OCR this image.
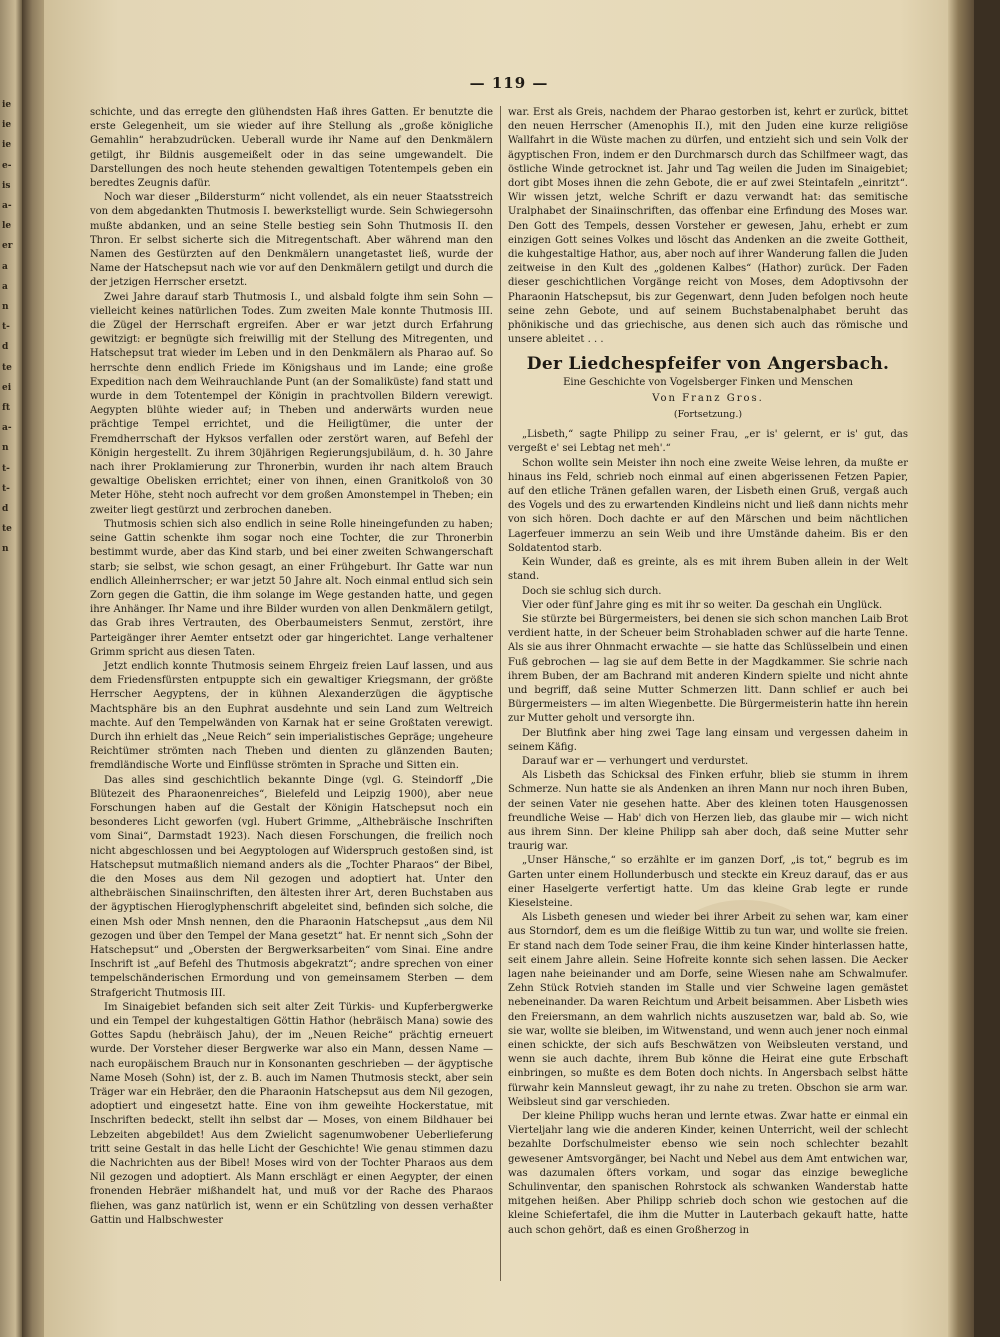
ie
ie
ie
e-
is
a-
le
er
a
a
n
t-
d
te
ei
ft
a-
n
t-
t-
d
te
n
— 119 —

schichte, und das erregte den glühendsten Haß ihres Gatten. Er benutzte die erste Gelegenheit, um sie wieder auf ihre Stellung als „große königliche Gemahlin“ herabzudrücken. Ueberall wurde ihr Name auf den Denkmälern getilgt, ihr Bildnis ausgemeißelt oder in das seine umgewandelt. Die Darstellungen des noch heute stehenden gewaltigen Totentempels geben ein beredtes Zeugnis dafür.

Noch war dieser „Bildersturm“ nicht vollendet, als ein neuer Staatsstreich von dem abgedankten Thutmosis I. bewerkstelligt wurde. Sein Schwiegersohn mußte abdanken, und an seine Stelle bestieg sein Sohn Thutmosis II. den Thron. Er selbst sicherte sich die Mitregentschaft. Aber während man den Namen des Gestürzten auf den Denkmälern unangetastet ließ, wurde der Name der Hatschepsut nach wie vor auf den Denkmälern getilgt und durch die der jetzigen Herrscher ersetzt.

Zwei Jahre darauf starb Thutmosis I., und alsbald folgte ihm sein Sohn — vielleicht keines natürlichen Todes. Zum zweiten Male konnte Thutmosis III. die Zügel der Herrschaft ergreifen. Aber er war jetzt durch Erfahrung gewitzigt: er begnügte sich freiwillig mit der Stellung des Mitregenten, und Hatschepsut trat wieder im Leben und in den Denkmälern als Pharao auf. So herrschte denn endlich Friede im Königshaus und im Lande; eine große Expedition nach dem Weihrauchlande Punt (an der Somaliküste) fand statt und wurde in dem Totentempel der Königin in prachtvollen Bildern verewigt. Aegypten blühte wieder auf; in Theben und anderwärts wurden neue prächtige Tempel errichtet, und die Heiligtümer, die unter der Fremdherrschaft der Hyksos verfallen oder zerstört waren, auf Befehl der Königin hergestellt. Zu ihrem 30jährigen Regierungsjubiläum, d. h. 30 Jahre nach ihrer Proklamierung zur Thronerbin, wurden ihr nach altem Brauch gewaltige Obelisken errichtet; einer von ihnen, einen Granitkoloß von 30 Meter Höhe, steht noch aufrecht vor dem großen Amonstempel in Theben; ein zweiter liegt gestürzt und zerbrochen daneben.

Thutmosis schien sich also endlich in seine Rolle hineingefunden zu haben; seine Gattin schenkte ihm sogar noch eine Tochter, die zur Thronerbin bestimmt wurde, aber das Kind starb, und bei einer zweiten Schwangerschaft starb; sie selbst, wie schon gesagt, an einer Frühgeburt. Ihr Gatte war nun endlich Alleinherrscher; er war jetzt 50 Jahre alt. Noch einmal entlud sich sein Zorn gegen die Gattin, die ihm solange im Wege gestanden hatte, und gegen ihre Anhänger. Ihr Name und ihre Bilder wurden von allen Denkmälern getilgt, das Grab ihres Vertrauten, des Oberbaumeisters Senmut, zerstört, ihre Parteigänger ihrer Aemter entsetzt oder gar hingerichtet. Lange verhaltener Grimm spricht aus diesen Taten.

Jetzt endlich konnte Thutmosis seinem Ehrgeiz freien Lauf lassen, und aus dem Friedensfürsten entpuppte sich ein gewaltiger Kriegsmann, der größte Herrscher Aegyptens, der in kühnen Alexanderzügen die ägyptische Machtsphäre bis an den Euphrat ausdehnte und sein Land zum Weltreich machte. Auf den Tempelwänden von Karnak hat er seine Großtaten verewigt. Durch ihn erhielt das „Neue Reich“ sein imperialistisches Gepräge; ungeheure Reichtümer strömten nach Theben und dienten zu glänzenden Bauten; fremdländische Worte und Einflüsse strömten in Sprache und Sitten ein.

Das alles sind geschichtlich bekannte Dinge (vgl. G. Steindorff „Die Blütezeit des Pharaonenreiches“, Bielefeld und Leipzig 1900), aber neue Forschungen haben auf die Gestalt der Königin Hatschepsut noch ein besonderes Licht geworfen (vgl. Hubert Grimme, „Althebräische Inschriften vom Sinai“, Darmstadt 1923). Nach diesen Forschungen, die freilich noch nicht abgeschlossen und bei Aegyptologen auf Widerspruch gestoßen sind, ist Hatschepsut mutmaßlich niemand anders als die „Tochter Pharaos“ der Bibel, die den Moses aus dem Nil gezogen und adoptiert hat. Unter den althebräischen Sinaiinschriften, den ältesten ihrer Art, deren Buchstaben aus der ägyptischen Hieroglyphenschrift abgeleitet sind, befinden sich solche, die einen Msh oder Mnsh nennen, den die Pharaonin Hatschepsut „aus dem Nil gezogen und über den Tempel der Mana gesetzt“ hat. Er nennt sich „Sohn der Hatschepsut“ und „Obersten der Bergwerksarbeiten“ vom Sinai. Eine andre Inschrift ist „auf Befehl des Thutmosis abgekratzt“; andre sprechen von einer tempelschänderischen Ermordung und von gemeinsamem Sterben — dem Strafgericht Thutmosis III.

Im Sinaigebiet befanden sich seit alter Zeit Türkis- und Kupferbergwerke und ein Tempel der kuhgestaltigen Göttin Hathor (hebräisch Mana) sowie des Gottes Sapdu (hebräisch Jahu), der im „Neuen Reiche“ prächtig erneuert wurde. Der Vorsteher dieser Bergwerke war also ein Mann, dessen Name — nach europäischem Brauch nur in Konsonanten geschrieben — der ägyptische Name Moseh (Sohn) ist, der z. B. auch im Namen Thutmosis steckt, aber sein Träger war ein Hebräer, den die Pharaonin Hatschepsut aus dem Nil gezogen, adoptiert und eingesetzt hatte. Eine von ihm geweihte Hockerstatue, mit Inschriften bedeckt, stellt ihn selbst dar — Moses, von einem Bildhauer bei Lebzeiten abgebildet! Aus dem Zwielicht sagenumwobener Ueberlieferung tritt seine Gestalt in das helle Licht der Geschichte! Wie genau stimmen dazu die Nachrichten aus der Bibel! Moses wird von der Tochter Pharaos aus dem Nil gezogen und adoptiert. Als Mann erschlägt er einen Aegypter, der einen fronenden Hebräer mißhandelt hat, und muß vor der Rache des Pharaos fliehen, was ganz natürlich ist, wenn er ein Schützling von dessen verhaßter Gattin und Halbschwester

war. Erst als Greis, nachdem der Pharao gestorben ist, kehrt er zurück, bittet den neuen Herrscher (Amenophis II.), mit den Juden eine kurze religiöse Wallfahrt in die Wüste machen zu dürfen, und entzieht sich und sein Volk der ägyptischen Fron, indem er den Durchmarsch durch das Schilfmeer wagt, das östliche Winde getrocknet ist. Jahr und Tag weilen die Juden im Sinaigebiet; dort gibt Moses ihnen die zehn Gebote, die er auf zwei Steintafeln „einritzt“. Wir wissen jetzt, welche Schrift er dazu verwandt hat: das semitische Uralphabet der Sinaiinschriften, das offenbar eine Erfindung des Moses war. Den Gott des Tempels, dessen Vorsteher er gewesen, Jahu, erhebt er zum einzigen Gott seines Volkes und löscht das Andenken an die zweite Gottheit, die kuhgestaltige Hathor, aus, aber noch auf ihrer Wanderung fallen die Juden zeitweise in den Kult des „goldenen Kalbes“ (Hathor) zurück. Der Faden dieser geschichtlichen Vorgänge reicht von Moses, dem Adoptivsohn der Pharaonin Hatschepsut, bis zur Gegenwart, denn Juden befolgen noch heute seine zehn Gebote, und auf seinem Buchstabenalphabet beruht das phönikische und das griechische, aus denen sich auch das römische und unsere ableitet . . .

Der Liedchespfeifer von Angersbach.
Eine Geschichte von Vogelsberger Finken und Menschen
Von Franz Gros.
(Fortsetzung.)

„Lisbeth,“ sagte Philipp zu seiner Frau, „er is' gelernt, er is' gut, das vergeßt e' sei Lebtag net meh'.“

Schon wollte sein Meister ihn noch eine zweite Weise lehren, da mußte er hinaus ins Feld, schrieb noch einmal auf einen abgerissenen Fetzen Papier, auf den etliche Tränen gefallen waren, der Lisbeth einen Gruß, vergaß auch des Vogels und des zu erwartenden Kindleins nicht und ließ dann nichts mehr von sich hören. Doch dachte er auf den Märschen und beim nächtlichen Lagerfeuer immerzu an sein Weib und ihre Umstände daheim. Bis er den Soldatentod starb.

Kein Wunder, daß es greinte, als es mit ihrem Buben allein in der Welt stand.

Doch sie schlug sich durch.

Vier oder fünf Jahre ging es mit ihr so weiter. Da geschah ein Unglück.

Sie stürzte bei Bürgermeisters, bei denen sie sich schon manchen Laib Brot verdient hatte, in der Scheuer beim Strohabladen schwer auf die harte Tenne. Als sie aus ihrer Ohnmacht erwachte — sie hatte das Schlüsselbein und einen Fuß gebrochen — lag sie auf dem Bette in der Magdkammer. Sie schrie nach ihrem Buben, der am Bachrand mit anderen Kindern spielte und nicht ahnte und begriff, daß seine Mutter Schmerzen litt. Dann schlief er auch bei Bürgermeisters — im alten Wiegenbette. Die Bürgermeisterin hatte ihn herein zur Mutter geholt und versorgte ihn.

Der Blutfink aber hing zwei Tage lang einsam und vergessen daheim in seinem Käfig.

Darauf war er — verhungert und verdurstet.

Als Lisbeth das Schicksal des Finken erfuhr, blieb sie stumm in ihrem Schmerze. Nun hatte sie als Andenken an ihren Mann nur noch ihren Buben, der seinen Vater nie gesehen hatte. Aber des kleinen toten Hausgenossen freundliche Weise — Hab' dich von Herzen lieb, das glaube mir — wich nicht aus ihrem Sinn. Der kleine Philipp sah aber doch, daß seine Mutter sehr traurig war.

„Unser Hänsche,“ so erzählte er im ganzen Dorf, „is tot,“ begrub es im Garten unter einem Hollunderbusch und steckte ein Kreuz darauf, das er aus einer Haselgerte verfertigt hatte. Um das kleine Grab legte er runde Kieselsteine.

Als Lisbeth genesen und wieder bei ihrer Arbeit zu sehen war, kam einer aus Storndorf, dem es um die fleißige Wittib zu tun war, und wollte sie freien. Er stand nach dem Tode seiner Frau, die ihm keine Kinder hinterlassen hatte, seit einem Jahre allein. Seine Hofreite konnte sich sehen lassen. Die Aecker lagen nahe beieinander und am Dorfe, seine Wiesen nahe am Schwalmufer. Zehn Stück Rotvieh standen im Stalle und vier Schweine lagen gemästet nebeneinander. Da waren Reichtum und Arbeit beisammen. Aber Lisbeth wies den Freiersmann, an dem wahrlich nichts auszusetzen war, bald ab. So, wie sie war, wollte sie bleiben, im Witwenstand, und wenn auch jener noch einmal einen schickte, der sich aufs Beschwätzen von Weibsleuten verstand, und wenn sie auch dachte, ihrem Bub könne die Heirat eine gute Erbschaft einbringen, so mußte es dem Boten doch nichts. In Angersbach selbst hätte fürwahr kein Mannsleut gewagt, ihr zu nahe zu treten. Obschon sie arm war. Weibsleut sind gar verschieden.

Der kleine Philipp wuchs heran und lernte etwas. Zwar hatte er einmal ein Vierteljahr lang wie die anderen Kinder, keinen Unterricht, weil der schlecht bezahlte Dorfschulmeister ebenso wie sein noch schlechter bezahlt gewesener Amtsvorgänger, bei Nacht und Nebel aus dem Amt entwichen war, was dazumalen öfters vorkam, und sogar das einzige bewegliche Schulinventar, den spanischen Rohrstock als schwanken Wanderstab hatte mitgehen heißen. Aber Philipp schrieb doch schon wie gestochen auf die kleine Schiefertafel, die ihm die Mutter in Lauterbach gekauft hatte, hatte auch schon gehört, daß es einen Großherzog in
